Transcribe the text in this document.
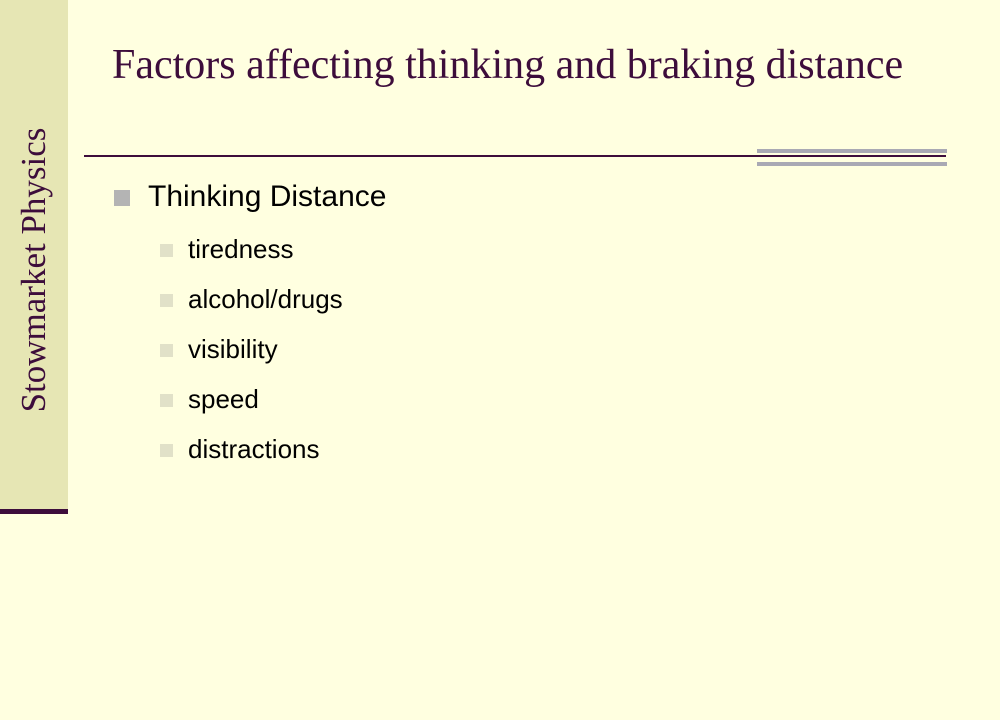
Stowmarket Physics
Factors affecting thinking and braking distance
Thinking Distance
tiredness
alcohol/drugs
visibility
speed
distractions
